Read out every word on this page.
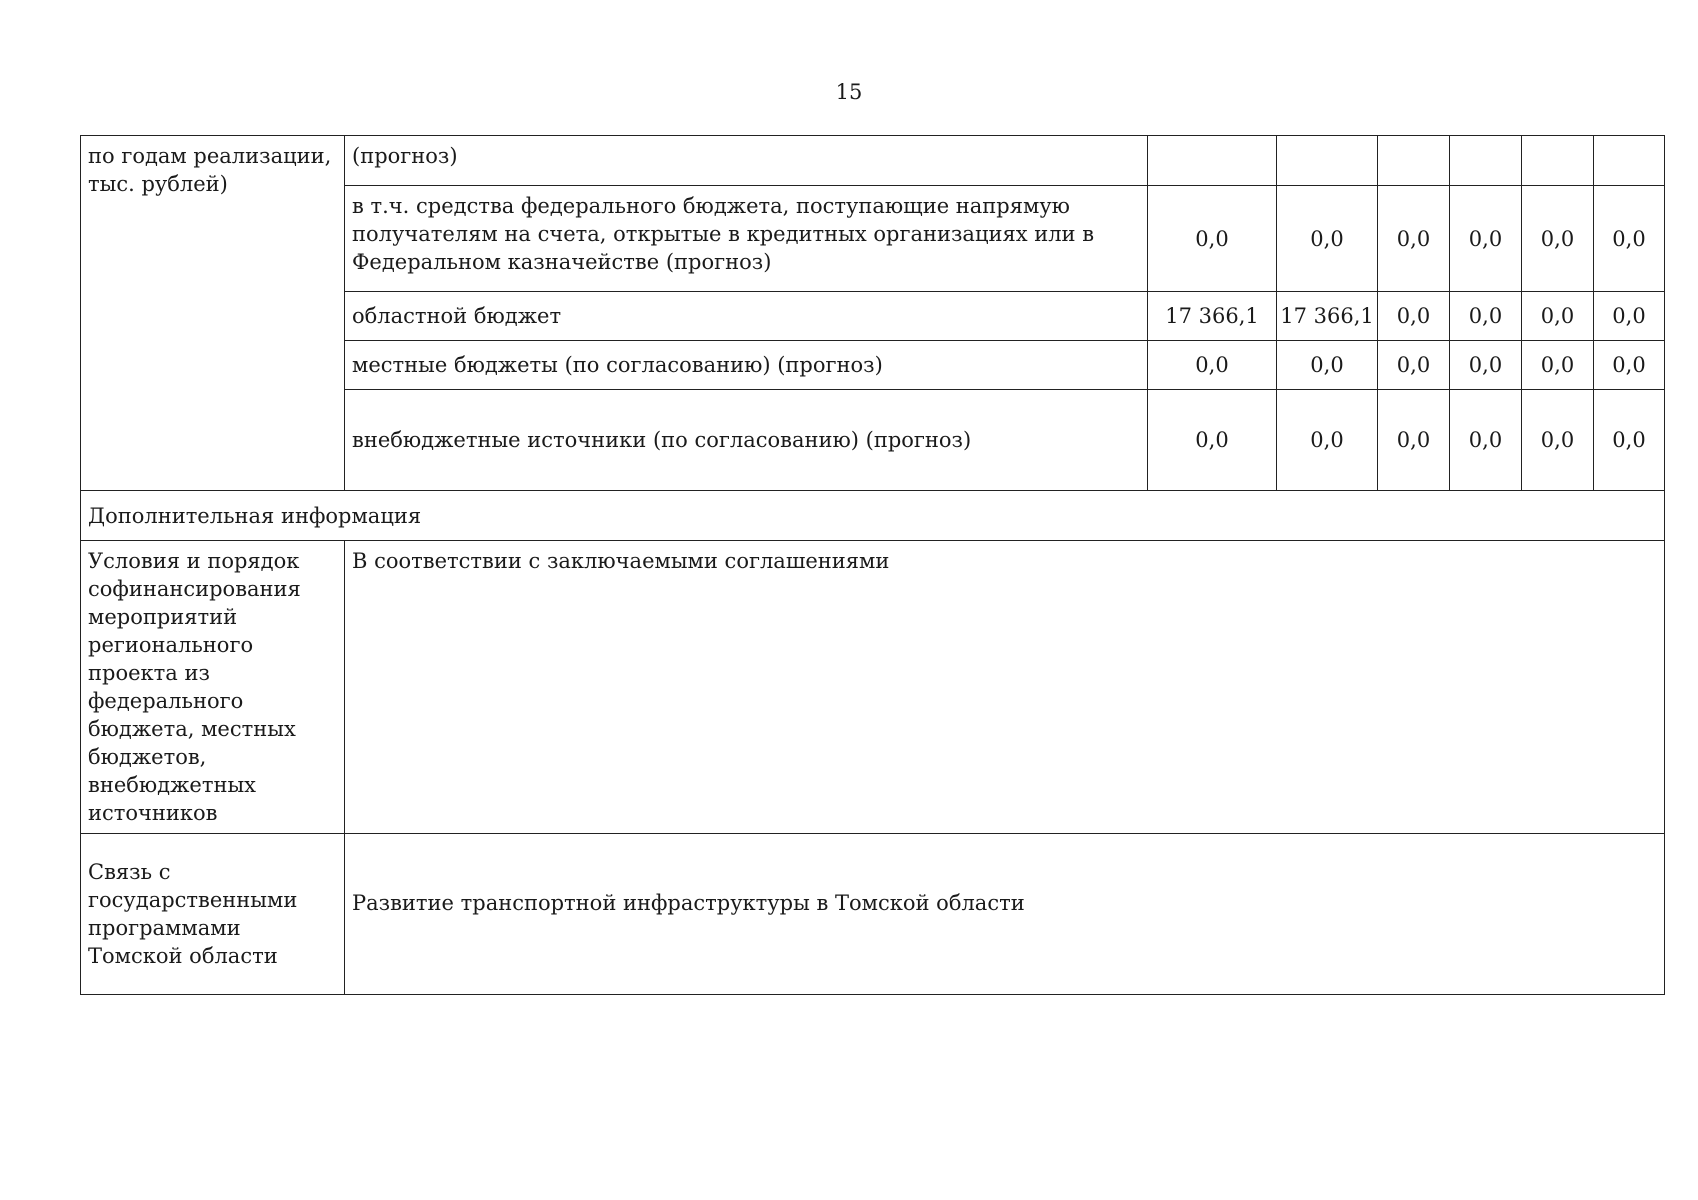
15
по годам реализации, тыс. рублей)	(прогноз)						
	в т.ч. средства федерального бюджета, поступающие напрямую получателям на счета, открытые в кредитных организациях или в Федеральном казначействе (прогноз)	0,0	0,0	0,0	0,0	0,0	0,0
	областной бюджет	17 366,1	17 366,1	0,0	0,0	0,0	0,0
	местные бюджеты (по согласованию) (прогноз)	0,0	0,0	0,0	0,0	0,0	0,0
	внебюджетные источники (по согласованию) (прогноз)	0,0	0,0	0,0	0,0	0,0	0,0
Дополнительная информация							
Условия и порядок софинансирования мероприятий регионального проекта из федерального бюджета, местных бюджетов, внебюджетных источников	В соответствии с заключаемыми соглашениями						
Связь с государственными программами Томской области	Развитие транспортной инфраструктуры в Томской области						
